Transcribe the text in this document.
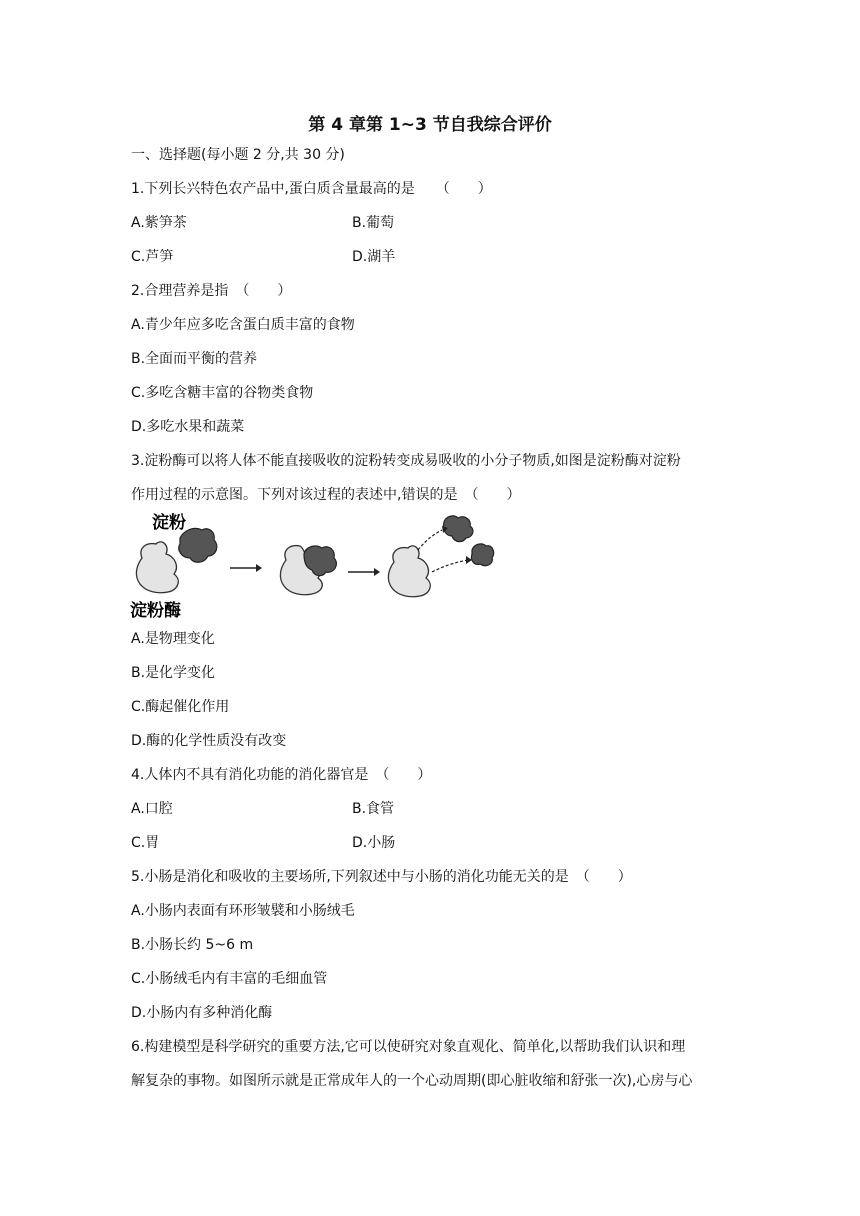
第 4 章第 1~3 节自我综合评价
一、选择题(每小题 2 分,共 30 分)
1.下列长兴特色农产品中,蛋白质含量最高的是　　（　　）
A.紫笋茶	B.葡萄
C.芦笋	D.湖羊
2.合理营养是指　（　　）
A.青少年应多吃含蛋白质丰富的食物
B.全面而平衡的营养
C.多吃含糖丰富的谷物类食物
D.多吃水果和蔬菜
3.淀粉酶可以将人体不能直接吸收的淀粉转变成易吸收的小分子物质,如图是淀粉酶对淀粉
作用过程的示意图。下列对该过程的表述中,错误的是　（　　）
淀粉
淀粉酶
A.是物理变化
B.是化学变化
C.酶起催化作用
D.酶的化学性质没有改变
4.人体内不具有消化功能的消化器官是　（　　）
A.口腔	B.食管
C.胃	D.小肠
5.小肠是消化和吸收的主要场所,下列叙述中与小肠的消化功能无关的是　（　　）
A.小肠内表面有环形皱襞和小肠绒毛
B.小肠长约 5~6 m
C.小肠绒毛内有丰富的毛细血管
D.小肠内有多种消化酶
6.构建模型是科学研究的重要方法,它可以使研究对象直观化、简单化,以帮助我们认识和理
解复杂的事物。如图所示就是正常成年人的一个心动周期(即心脏收缩和舒张一次),心房与心
